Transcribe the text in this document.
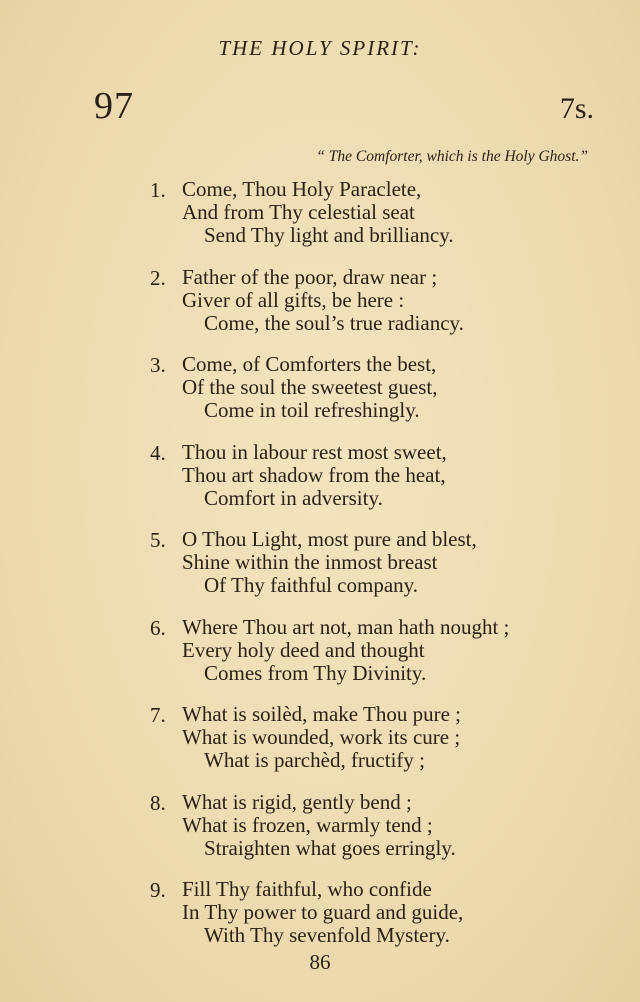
THE HOLY SPIRIT:
97	7s.
“ The Comforter, which is the Holy Ghost.”
1. Come, Thou Holy Paraclete,
And from Thy celestial seat
Send Thy light and brilliancy.
2. Father of the poor, draw near ;
Giver of all gifts, be here :
Come, the soul’s true radiancy.
3. Come, of Comforters the best,
Of the soul the sweetest guest,
Come in toil refreshingly.
4. Thou in labour rest most sweet,
Thou art shadow from the heat,
Comfort in adversity.
5. O Thou Light, most pure and blest,
Shine within the inmost breast
Of Thy faithful company.
6. Where Thou art not, man hath nought ;
Every holy deed and thought
Comes from Thy Divinity.
7. What is soilèd, make Thou pure ;
What is wounded, work its cure ;
What is parchèd, fructify ;
8. What is rigid, gently bend ;
What is frozen, warmly tend ;
Straighten what goes erringly.
9. Fill Thy faithful, who confide
In Thy power to guard and guide,
With Thy sevenfold Mystery.
86
